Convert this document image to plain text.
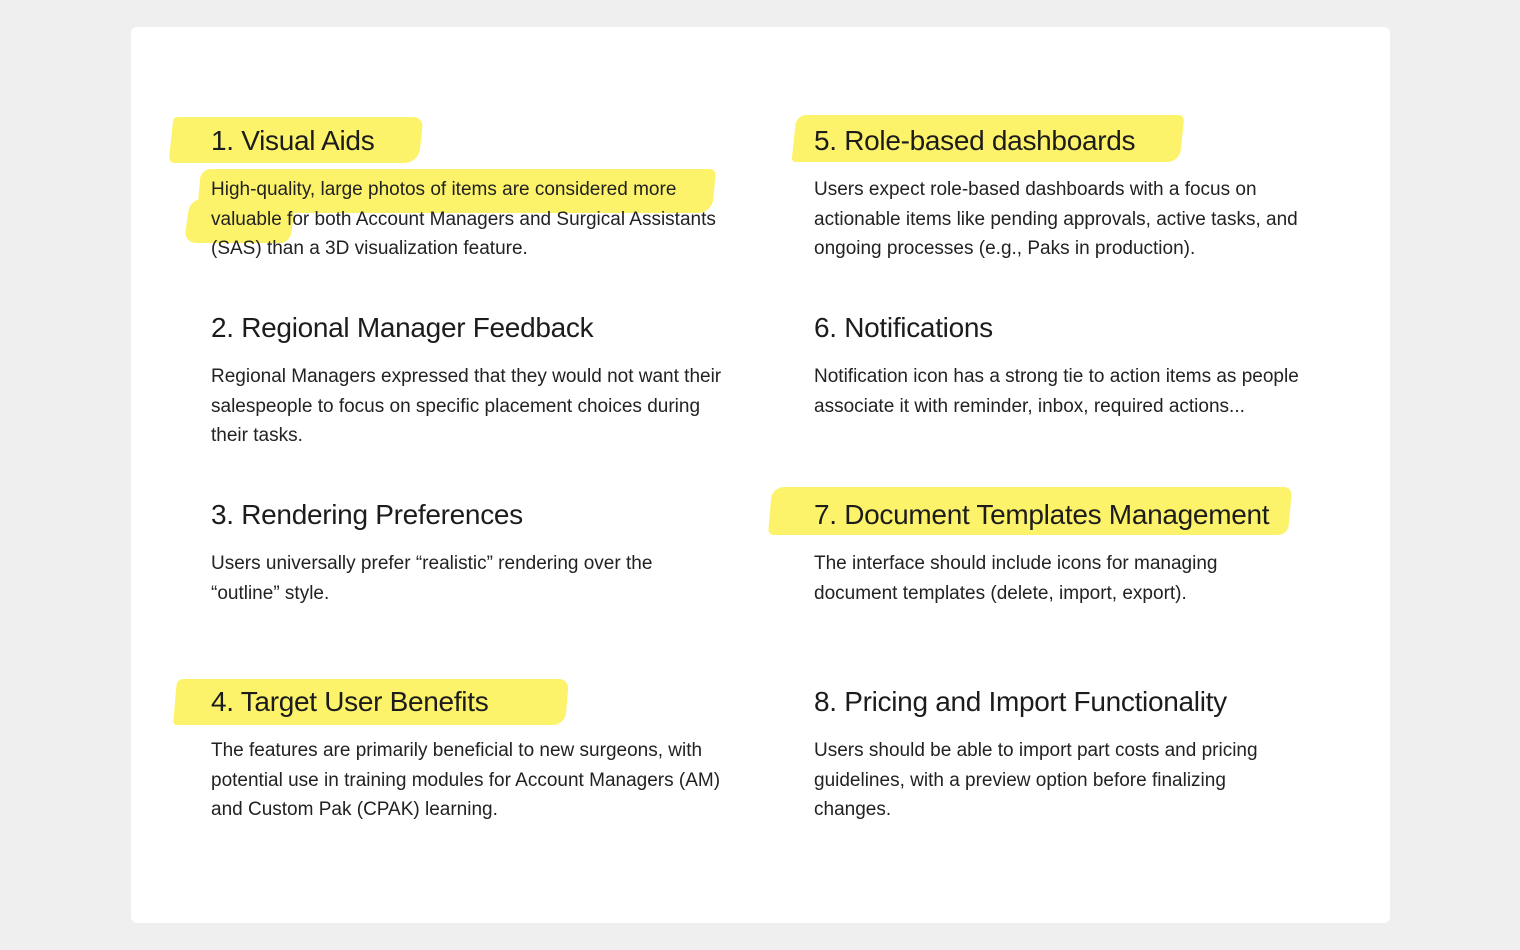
1. Visual Aids

High-quality, large photos of items are considered more valuable for both Account Managers and Surgical Assistants (SAS) than a 3D visualization feature.

2. Regional Manager Feedback

Regional Managers expressed that they would not want their salespeople to focus on specific placement choices during their tasks.

3. Rendering Preferences

Users universally prefer “realistic” rendering over the “outline” style.

4. Target User Benefits

The features are primarily beneficial to new surgeons, with potential use in training modules for Account Managers (AM) and Custom Pak (CPAK) learning.

5. Role-based dashboards

Users expect role-based dashboards with a focus on actionable items like pending approvals, active tasks, and ongoing processes (e.g., Paks in production).

6. Notifications

Notification icon has a strong tie to action items as people associate it with reminder, inbox, required actions...

7. Document Templates Management

The interface should include icons for managing document templates (delete, import, export).

8. Pricing and Import Functionality

Users should be able to import part costs and pricing guidelines, with a preview option before finalizing changes.
